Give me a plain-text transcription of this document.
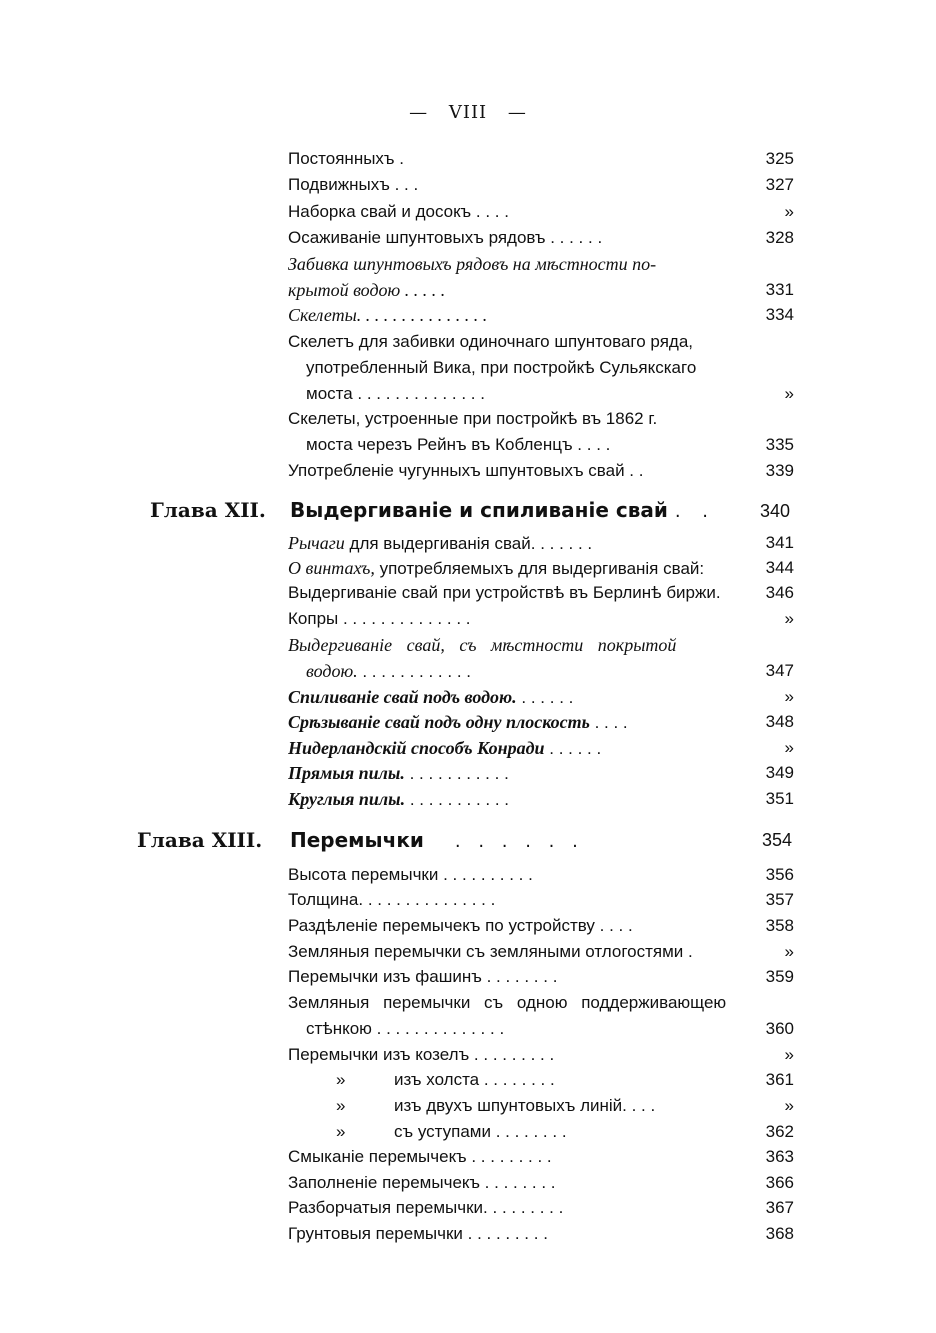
— VIII —
Постоянныхъ .	325
Подвижныхъ . . .	327
Наборка свай и досокъ . . . .	»
Осаживаніе шпунтовыхъ рядовъ . . . . . .	328
Забивка шпунтовыхъ рядовъ на мѣстности по-
крытой водою . . . . .	331
Скелеты. . . . . . . . . . . . . . .	334
Скелетъ для забивки одиночнаго шпунтоваго ряда,
употребленный Вика, при постройкѣ Сульякскаго
моста . . . . . . . . . . . . . .	»
Скелеты, устроенные при постройкѣ въ 1862 г.
моста черезъ Рейнъ въ Кобленцъ . . . .	335
Употребленіе чугунныхъ шпунтовыхъ свай . .	339
Глава XII. Выдергиваніе и спиливаніе свай . . 340
Рычаги для выдергиванія свай. . . . . . .	341
О винтахъ, употребляемыхъ для выдергиванія свай:	344
Выдергиваніе свай при устройствѣ въ Берлинѣ биржи.	346
Копры . . . . . . . . . . . . . .	»
Выдергиваніе свай, съ мѣстности покрытой
водою. . . . . . . . . . . . .	347
Спиливаніе свай подъ водою. . . . . . .	»
Срѣзываніе свай подъ одну плоскость . . . .	348
Нидерландскій способъ Конради . . . . . .	»
Прямыя пилы. . . . . . . . . . . .	349
Круглыя пилы. . . . . . . . . . . .	351
Глава XIII. Перемычки . . . . . .	354
Высота перемычки . . . . . . . . . .	356
Толщина. . . . . . . . . . . . . . .	357
Раздѣленіе перемычекъ по устройству . . . .	358
Земляныя перемычки съ земляными отлогостями .	»
Перемычки изъ фашинъ . . . . . . . .	359
Земляныя перемычки съ одною поддерживающею
стѣнкою . . . . . . . . . . . . . .	360
Перемычки изъ козелъ . . . . . . . . .	»
»	изъ холста . . . . . . . .	361
»	изъ двухъ шпунтовыхъ линій. . . .	»
»	съ уступами . . . . . . . .	362
Смыканіе перемычекъ . . . . . . . . .	363
Заполненіе перемычекъ . . . . . . . .	366
Разборчатыя перемычки. . . . . . . . .	367
Грунтовыя перемычки . . . . . . . . .	368
